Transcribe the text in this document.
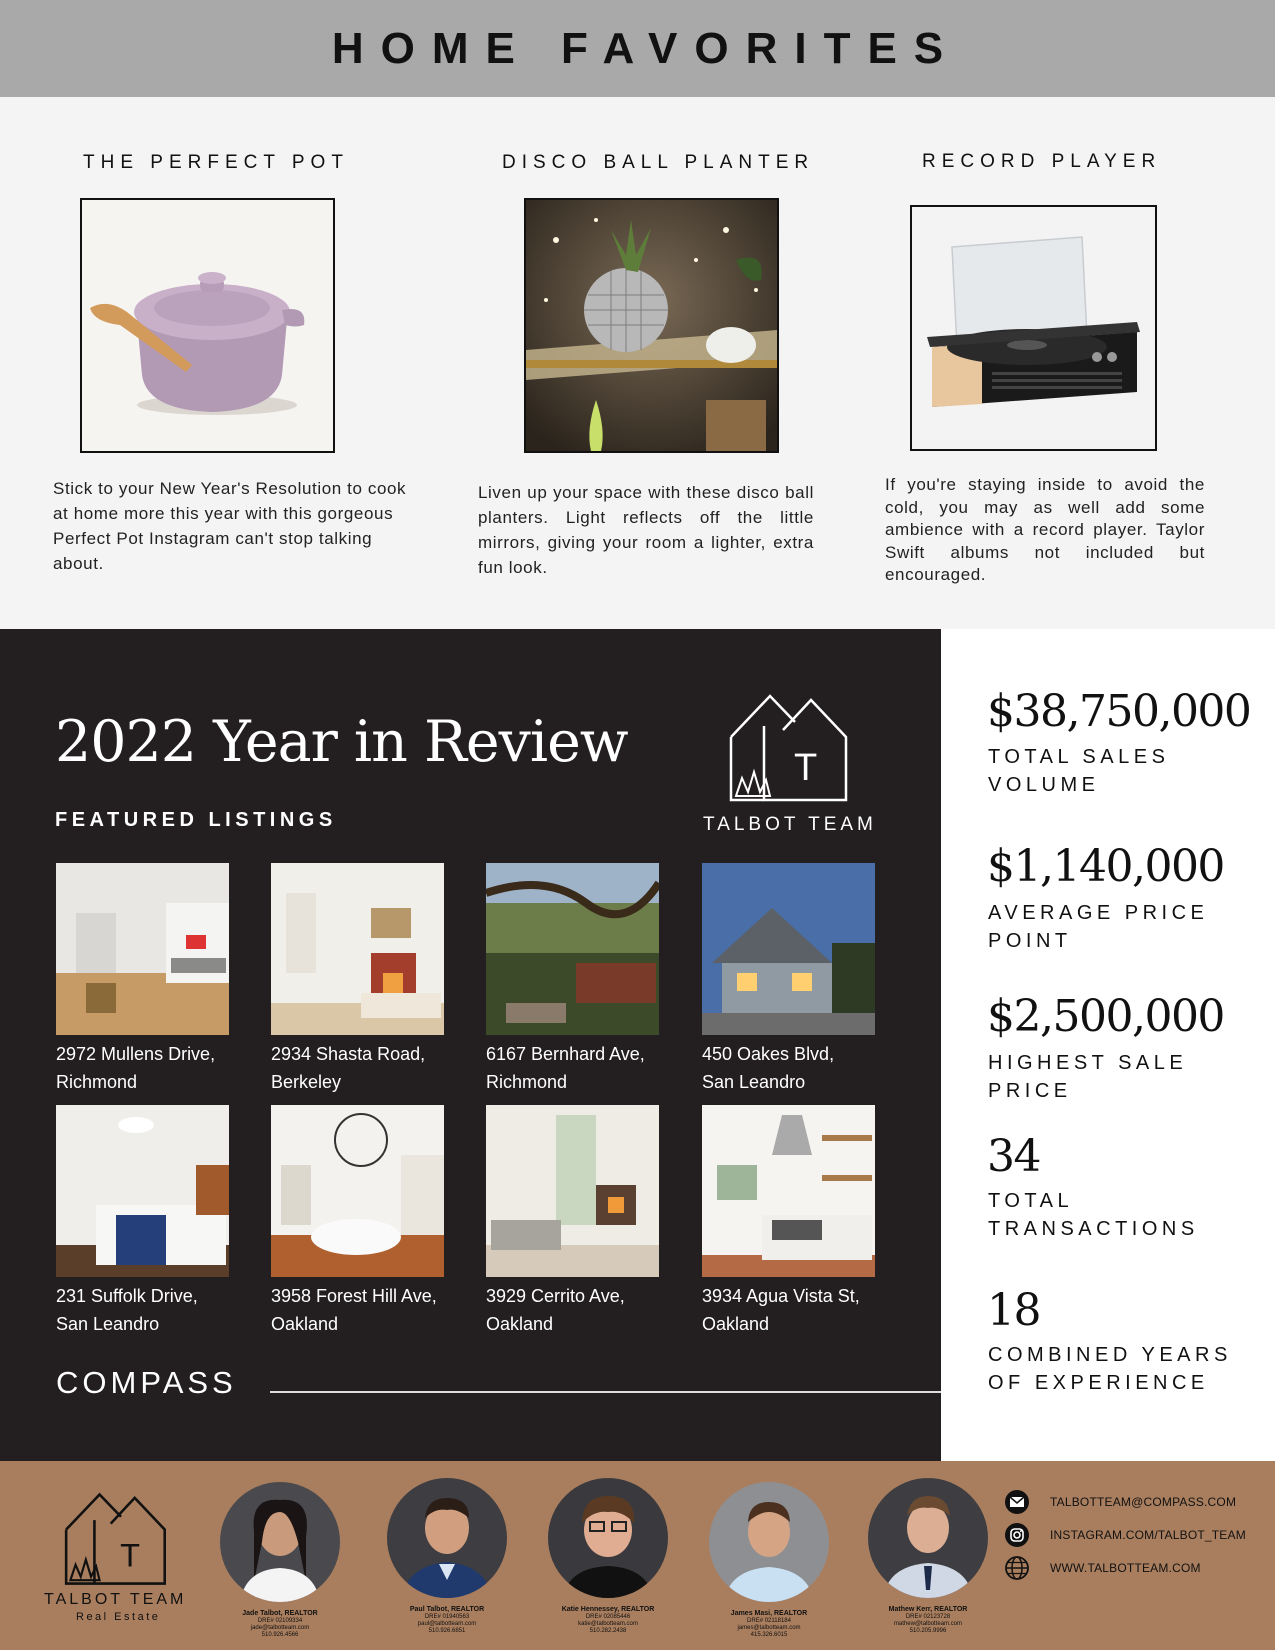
HOME FAVORITES
THE PERFECT POT
Stick to your New Year's Resolution to cook at home more this year with this gorgeous Perfect Pot Instagram can't stop talking about.
DISCO BALL PLANTER
Liven up your space with these disco ball planters. Light reflects off the little mirrors, giving your room a lighter, extra fun look.
RECORD PLAYER
If you're staying inside to avoid the cold, you may as well add some ambience with a record player. Taylor Swift albums not included but encouraged.
2022 Year in Review
FEATURED LISTINGS
T
TALBOT TEAM
2972 Mullens Drive,
Richmond
2934 Shasta Road,
Berkeley
6167 Bernhard Ave,
Richmond
450 Oakes Blvd,
San Leandro
231 Suffolk Drive,
San Leandro
3958 Forest Hill Ave,
Oakland
3929 Cerrito Ave,
Oakland
3934 Agua Vista St,
Oakland
COMPASS
$38,750,000
TOTAL SALES VOLUME
$1,140,000
AVERAGE PRICE POINT
$2,500,000
HIGHEST SALE PRICE
34
TOTAL TRANSACTIONS
18
COMBINED YEARS OF EXPERIENCE
T
TALBOT TEAM
Real Estate	Jade Talbot, REALTOR
DRE# 02109334
jade@talbotteam.com
510.926.4566
Paul Talbot, REALTOR
DRE# 01940563
paul@talbotteam.com
510.926.6851
Katie Hennessey, REALTOR
DRE# 02085446
katie@talbotteam.com
510.282.2438
James Masi, REALTOR
DRE# 02118184
james@talbotteam.com
415.326.6015
Mathew Kerr, REALTOR
DRE# 02123728
mathew@talbotteam.com
510.205.9996
TALBOTTEAM@COMPASS.COM
INSTAGRAM.COM/TALBOT_TEAM
WWW.TALBOTTEAM.COM
